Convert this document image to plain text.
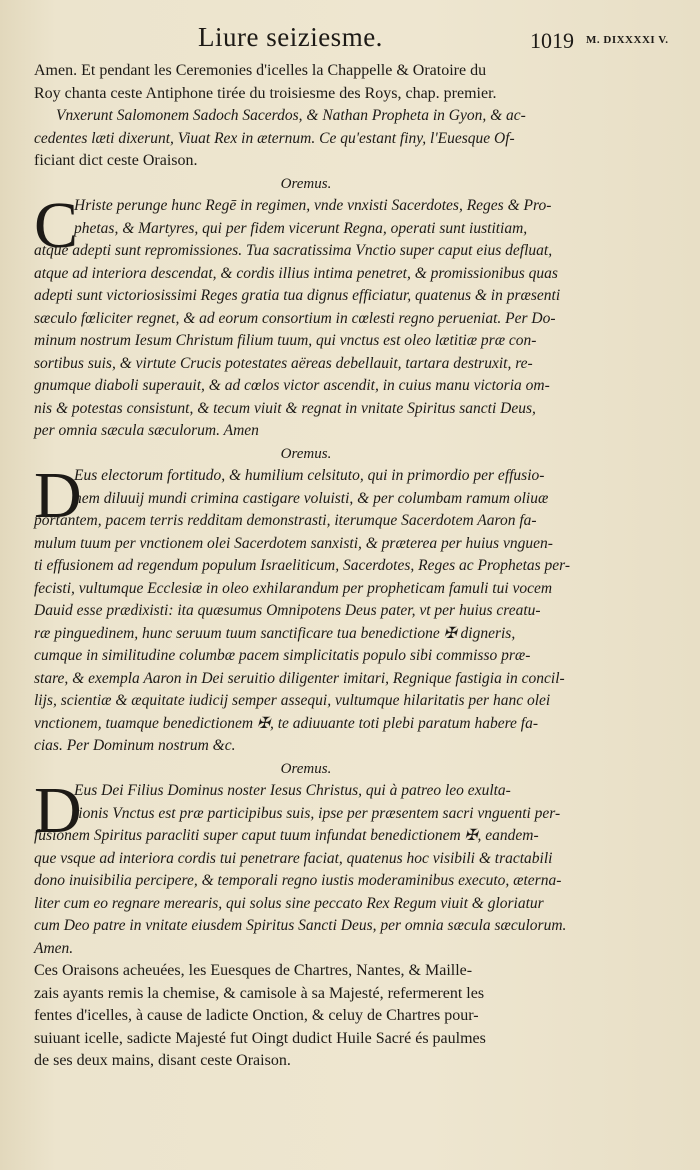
Liure seiziesme.	1019 M. DIXXXXI V.
Amen. Et pendant les Ceremonies d'icelles la Chappelle & Oratoire du
Roy chanta ceste Antiphone tirée du troisiesme des Roys, chap. premier.
Vnxerunt Salomonem Sadoch Sacerdos, & Nathan Propheta in Gyon, & ac-
cedentes læti dixerunt, Viuat Rex in æternum. Ce qu'estant finy, l'Euesque Of-
ficiant dict ceste Oraison.
Oremus.
C
Hriste perunge hunc Regē in regimen, vnde vnxisti Sacerdotes, Reges & Pro-
phetas, & Martyres, qui per fidem vicerunt Regna, operati sunt iustitiam,
atque adepti sunt repromissiones. Tua sacratissima Vnctio super caput eius defluat,
atque ad interiora descendat, & cordis illius intima penetret, & promissionibus quas
adepti sunt victoriosissimi Reges gratia tua dignus efficiatur, quatenus & in præsenti
sæculo fœliciter regnet, & ad eorum consortium in cœlesti regno perueniat. Per Do-
minum nostrum Iesum Christum filium tuum, qui vnctus est oleo lætitiæ præ con-
sortibus suis, & virtute Crucis potestates aëreas debellauit, tartara destruxit, re-
gnumque diaboli superauit, & ad cœlos victor ascendit, in cuius manu victoria om-
nis & potestas consistunt, & tecum viuit & regnat in vnitate Spiritus sancti Deus,
per omnia sæcula sæculorum. Amen
Oremus.
D
Eus electorum fortitudo, & humilium celsituto, qui in primordio per effusio-
nem diluuij mundi crimina castigare voluisti, & per columbam ramum oliuæ
portantem, pacem terris redditam demonstrasti, iterumque Sacerdotem Aaron fa-
mulum tuum per vnctionem olei Sacerdotem sanxisti, & præterea per huius vnguen-
ti effusionem ad regendum populum Israeliticum, Sacerdotes, Reges ac Prophetas per-
fecisti, vultumque Ecclesiæ in oleo exhilarandum per propheticam famuli tui vocem
Dauid esse prædixisti: ita quæsumus Omnipotens Deus pater, vt per huius creatu-
ræ pinguedinem, hunc seruum tuum sanctificare tua benedictione ✠ digneris,
cumque in similitudine columbæ pacem simplicitatis populo sibi commisso præ-
stare, & exempla Aaron in Dei seruitio diligenter imitari, Regnique fastigia in concil-
lijs, scientiæ & æquitate iudicij semper assequi, vultumque hilaritatis per hanc olei
vnctionem, tuamque benedictionem ✠, te adiuuante toti plebi paratum habere fa-
cias. Per Dominum nostrum &c.
Oremus.
D
Eus Dei Filius Dominus noster Iesus Christus, qui à patreo leo exulta-
tionis Vnctus est præ participibus suis, ipse per præsentem sacri vnguenti per-
fusionem Spiritus paracliti super caput tuum infundat benedictionem ✠, eandem-
que vsque ad interiora cordis tui penetrare faciat, quatenus hoc visibili & tractabili
dono inuisibilia percipere, & temporali regno iustis moderaminibus executo, æterna-
liter cum eo regnare merearis, qui solus sine peccato Rex Regum viuit & gloriatur
cum Deo patre in vnitate eiusdem Spiritus Sancti Deus, per omnia sæcula sæculorum.
Amen.
Ces Oraisons acheuées, les Euesques de Chartres, Nantes, & Maille-
zais ayants remis la chemise, & camisole à sa Majesté, refermerent les
fentes d'icelles, à cause de ladicte Onction, & celuy de Chartres pour-
suiuant icelle, sadicte Majesté fut Oingt dudict Huile Sacré és paulmes
de ses deux mains, disant ceste Oraison.
